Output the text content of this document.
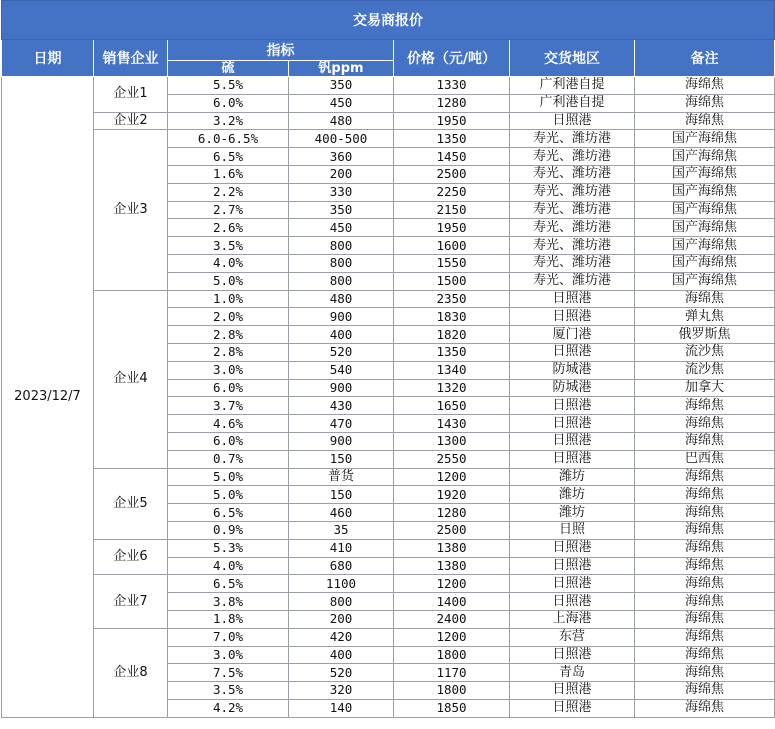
交易商报价						
日期	销售企业	指标		价格（元/吨）	交货地区	备注
		硫	钒ppm			
2023/12/7	企业1	5.5%	350	1330	广利港自提	海绵焦
		6.0%	450	1280	广利港自提	海绵焦
	企业2	3.2%	480	1950	日照港	海绵焦
	企业3	6.0-6.5%	400-500	1350	寿光、潍坊港	国产海绵焦
		6.5%	360	1450	寿光、潍坊港	国产海绵焦
		1.6%	200	2500	寿光、潍坊港	国产海绵焦
		2.2%	330	2250	寿光、潍坊港	国产海绵焦
		2.7%	350	2150	寿光、潍坊港	国产海绵焦
		2.6%	450	1950	寿光、潍坊港	国产海绵焦
		3.5%	800	1600	寿光、潍坊港	国产海绵焦
		4.0%	800	1550	寿光、潍坊港	国产海绵焦
		5.0%	800	1500	寿光、潍坊港	国产海绵焦
	企业4	1.0%	480	2350	日照港	海绵焦
		2.0%	900	1830	日照港	弹丸焦
		2.8%	400	1820	厦门港	俄罗斯焦
		2.8%	520	1350	日照港	流沙焦
		3.0%	540	1340	防城港	流沙焦
		6.0%	900	1320	防城港	加拿大
		3.7%	430	1650	日照港	海绵焦
		4.6%	470	1430	日照港	海绵焦
		6.0%	900	1300	日照港	海绵焦
		0.7%	150	2550	日照港	巴西焦
	企业5	5.0%	普货	1200	潍坊	海绵焦
		5.0%	150	1920	潍坊	海绵焦
		6.5%	460	1280	潍坊	海绵焦
		0.9%	35	2500	日照	海绵焦
	企业6	5.3%	410	1380	日照港	海绵焦
		4.0%	680	1380	日照港	海绵焦
	企业7	6.5%	1100	1200	日照港	海绵焦
		3.8%	800	1400	日照港	海绵焦
		1.8%	200	2400	上海港	海绵焦
	企业8	7.0%	420	1200	东营	海绵焦
		3.0%	400	1800	日照港	海绵焦
		7.5%	520	1170	青岛	海绵焦
		3.5%	320	1800	日照港	海绵焦
		4.2%	140	1850	日照港	海绵焦
